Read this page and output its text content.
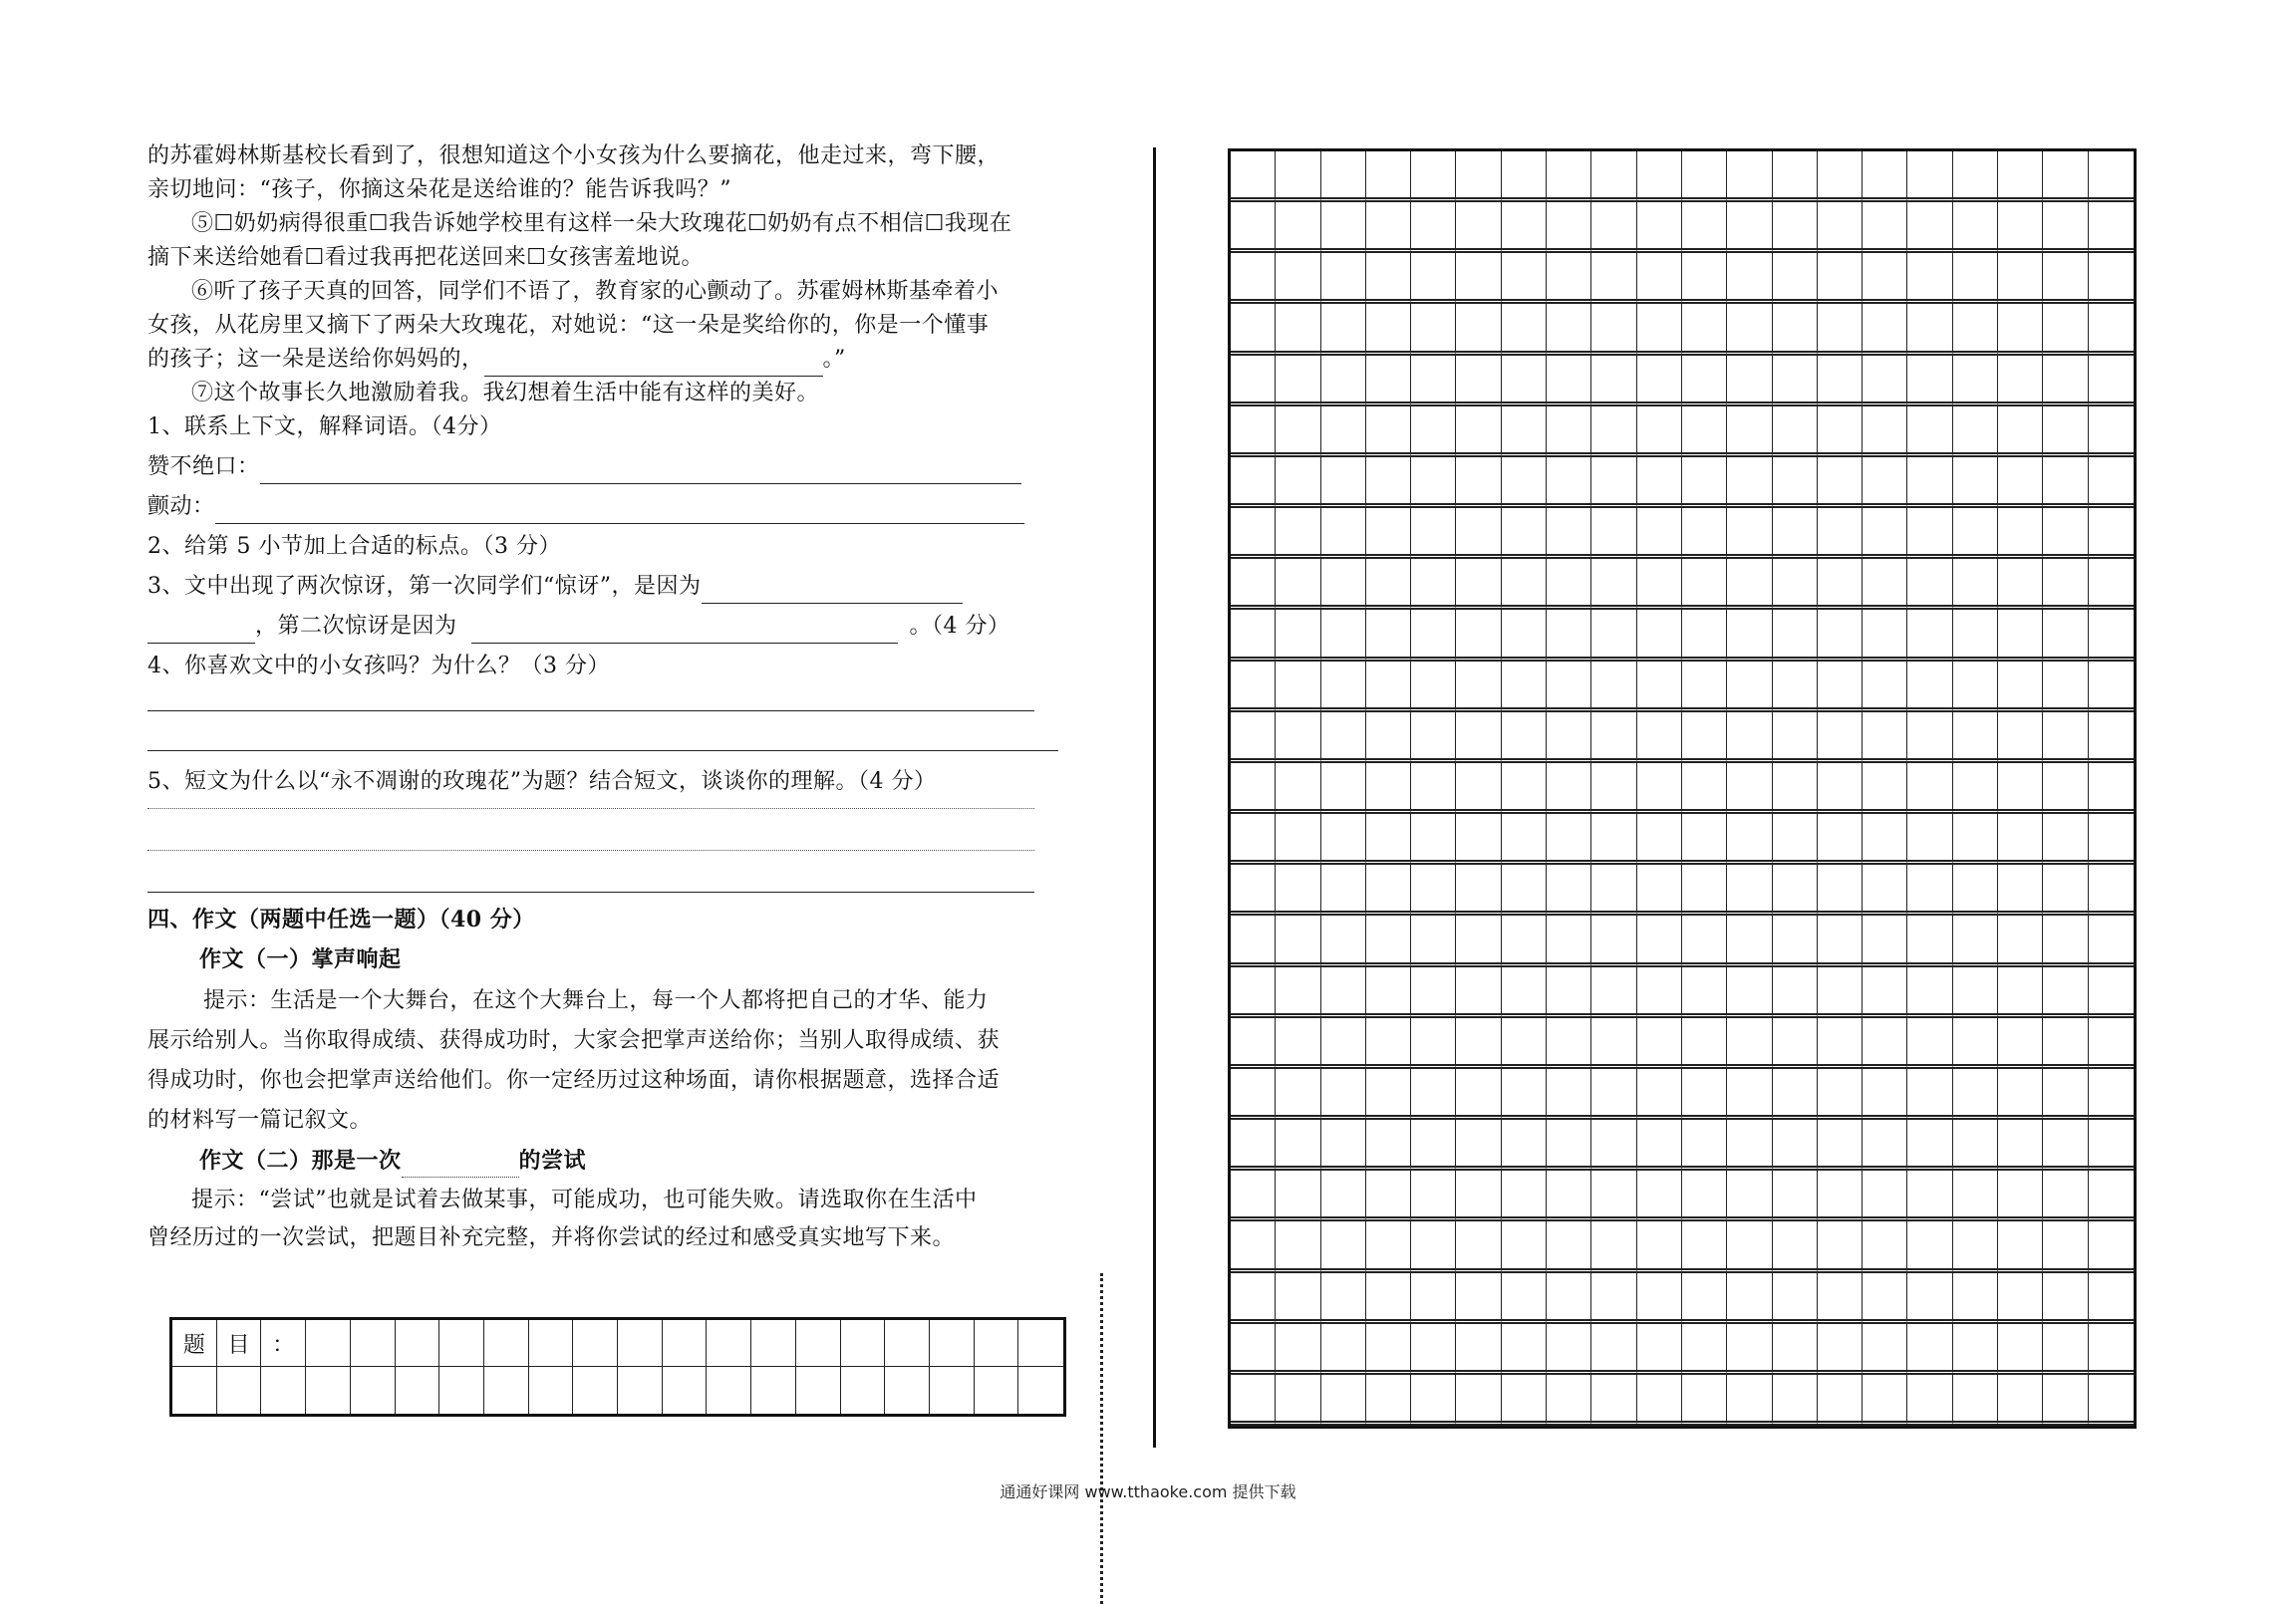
的苏霍姆林斯基校长看到了，很想知道这个小女孩为什么要摘花，他走过来，弯下腰，

亲切地问：“孩子，你摘这朵花是送给谁的？能告诉我吗？”

⑤☐奶奶病得很重☐我告诉她学校里有这样一朵大玫瑰花☐奶奶有点不相信☐我现在

摘下来送给她看☐看过我再把花送回来☐女孩害羞地说。

⑥听了孩子天真的回答，同学们不语了，教育家的心颤动了。苏霍姆林斯基牵着小

女孩，从花房里又摘下了两朵大玫瑰花，对她说：“这一朵是奖给你的，你是一个懂事

的孩子；这一朵是送给你妈妈的，	。”

⑦这个故事长久地激励着我。我幻想着生活中能有这样的美好。

1、联系上下文，解释词语。（4分）

赞不绝口：

颤动：

2、给第 5 小节加上合适的标点。（3 分）

3、文中出现了两次惊讶，第一次同学们“惊讶”，是因为

，第二次惊讶是因为	。（4 分）

4、你喜欢文中的小女孩吗？为什么？（3 分）

5、短文为什么以“永不凋谢的玫瑰花”为题？结合短文，谈谈你的理解。（4 分）

四、作文（两题中任选一题）（40 分）

作文（一）掌声响起

提示：生活是一个大舞台，在这个大舞台上，每一个人都将把自己的才华、能力

展示给别人。当你取得成绩、获得成功时，大家会把掌声送给你；当别人取得成绩、获

得成功时，你也会把掌声送给他们。你一定经历过这种场面，请你根据题意，选择合适

的材料写一篇记叙文。

作文（二）那是一次	的尝试

提示：“尝试”也就是试着去做某事，可能成功，也可能失败。请选取你在生活中

曾经历过的一次尝试，把题目补充完整，并将你尝试的经过和感受真实地写下来。

题	目	：
通通好课网 www.tthaoke.com 提供下载
